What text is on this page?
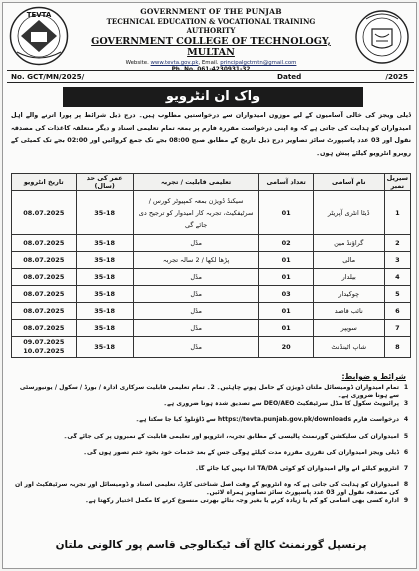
TEVTA	GOVERNMENT OF THE PUNJAB
TECHNICAL EDUCATION & VOCATIONAL TRAINING AUTHORITY
GOVERNMENT COLLEGE OF TECHNOLOGY, MULTAN
Website. www.tevta.gov.pk, Email. principalgctmtn@gmail.com
Ph. No. 061-4230931-32
No. GCT/MN/2025/	Dated	/2025
واک ان انٹرویو

ڈیلی ویجز کی خالی آسامیوں کے لیے موزوں امیدواران سے درخواستیں مطلوب ہیں۔ درج ذیل شرائط پر پورا اترنے والے اہل امیدواران کو ہدایت کی جاتی ہے کہ وہ اپنی درخواست مقررہ فارم پر بمعہ تمام تعلیمی اسناد و دیگر متعلقہ کاغذات کی مصدقہ نقول اور 03 عدد پاسپورٹ سائز تصاویر درج ذیل تاریخ کے مطابق صبح 08:00 بجے تک جمع کروائیں اور 02:00 بجے تک کمیٹی کے روبرو انٹرویو کیلئے پیش ہوں۔

سیریل نمبر	نام آسامی	تعداد آسامی	تعلیمی قابلیت / تجربہ	عمر کی حد (سال)	تاریخ انٹرویو
1	ڈیٹا انٹری آپریٹر	01	سیکنڈ ڈویژن بمعہ کمپیوٹر کورس / سرٹیفکیٹ، تجربہ کار امیدوار کو ترجیح دی جائے گی	35-18	08.07.2025
2	گراؤنڈ مین	02	مڈل	35-18	08.07.2025
3	مالی	01	پڑھا لکھا / 2 سالہ تجربہ	35-18	08.07.2025
4	بیلدار	01	مڈل	35-18	08.07.2025
5	چوکیدار	03	مڈل	35-18	08.07.2025
6	نائب قاصد	01	مڈل	35-18	08.07.2025
7	سویپر	01	مڈل	35-18	08.07.2025
8	شاپ اٹینڈنٹ	20	مڈل	35-18	09.07.2025
10.07.2025
شرائط و ضوابط:
1
تمام امیدواران ڈومیسائل ملتان ڈویژن کے حامل ہونے چاہئیں۔ 2۔ تمام تعلیمی قابلیت سرکاری ادارہ / بورڈ / سکول / یونیورسٹی سے ہونا ضروری ہے۔
3
پرائیویٹ سکول کا مڈل سرٹیفکیٹ DEO/AEO سے تصدیق شدہ ہونا ضروری ہے۔
4
درخواست فارم https://tevta.punjab.gov.pk/downloads سے ڈاؤنلوڈ کیا جا سکتا ہے۔
5
امیدواران کی سلیکشن گورنمنٹ پالیسی کے مطابق تجربہ، انٹرویو اور تعلیمی قابلیت کے نمبروں پر کی جائے گی۔
6
ڈیلی ویجز امیدواران کی تقرری مقررہ مدت کیلئے ہوگی جس کے بعد خدمات خود بخود ختم تصور ہوں گی۔
7
انٹرویو کیلئے آنے والے امیدواران کو کوئی TA/DA ادا نہیں کیا جائے گا۔
8
امیدواران کو ہدایت کی جاتی ہے کہ وہ انٹرویو کے وقت اصل شناختی کارڈ، تعلیمی اسناد و ڈومیسائل اور تجربہ سرٹیفکیٹ اور ان کی مصدقہ نقول اور 03 عدد پاسپورٹ سائز تصاویر ہمراہ لائیں۔
9
ادارہ کسی بھی آسامی کو کم یا زیادہ کرنے یا بغیر وجہ بتائے بھرتی منسوخ کرنے کا مکمل اختیار رکھتا ہے۔
پرنسپل گورنمنٹ کالج آف ٹیکنالوجی قاسم پور کالونی ملتان
